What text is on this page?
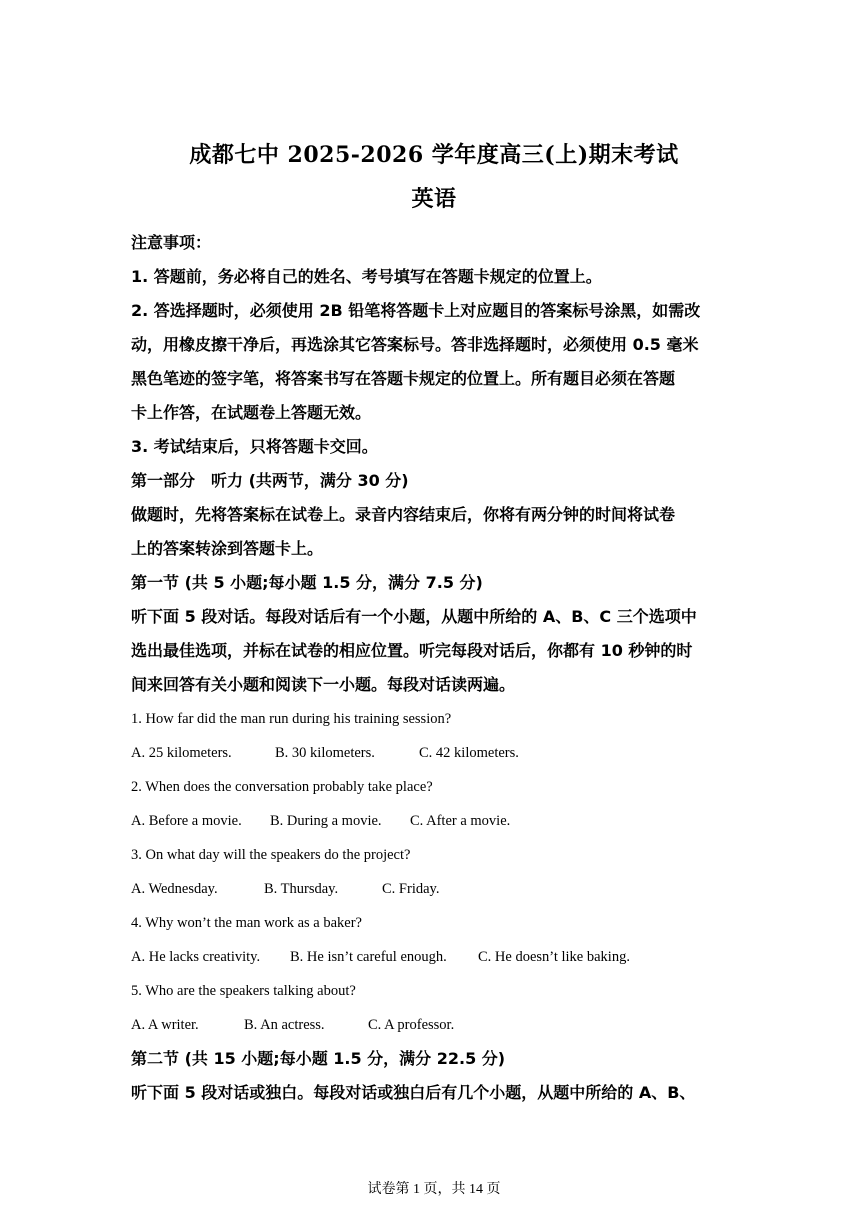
成都七中 2025-2026 学年度高三(上)期末考试
英语

注意事项：

1. 答题前，务必将自己的姓名、考号填写在答题卡规定的位置上。

2. 答选择题时，必须使用 2B 铅笔将答题卡上对应题目的答案标号涂黑，如需改

动，用橡皮擦干净后，再选涂其它答案标号。答非选择题时，必须使用 0.5 毫米

黑色笔迹的签字笔，将答案书写在答题卡规定的位置上。所有题目必须在答题

卡上作答，在试题卷上答题无效。

3. 考试结束后，只将答题卡交回。

第一部分　听力 (共两节，满分 30 分)

做题时，先将答案标在试卷上。录音内容结束后，你将有两分钟的时间将试卷

上的答案转涂到答题卡上。

第一节 (共 5 小题;每小题 1.5 分，满分 7.5 分)

听下面 5 段对话。每段对话后有一个小题，从题中所给的 A、B、C 三个选项中

选出最佳选项，并标在试卷的相应位置。听完每段对话后，你都有 10 秒钟的时

间来回答有关小题和阅读下一小题。每段对话读两遍。

1. How far did the man run during his training session?

A. 25 kilometers.	B. 30 kilometers.	C. 42 kilometers.

2. When does the conversation probably take place?

A. Before a movie.	B. During a movie.	C. After a movie.

3. On what day will the speakers do the project?

A. Wednesday.	B. Thursday.	C. Friday.

4. Why won’t the man work as a baker?

A. He lacks creativity.	B. He isn’t careful enough.	C. He doesn’t like baking.

5. Who are the speakers talking about?

A. A writer.	B. An actress.	C. A professor.

第二节 (共 15 小题;每小题 1.5 分，满分 22.5 分)

听下面 5 段对话或独白。每段对话或独白后有几个小题，从题中所给的 A、B、

试卷第 1 页，共 14 页
